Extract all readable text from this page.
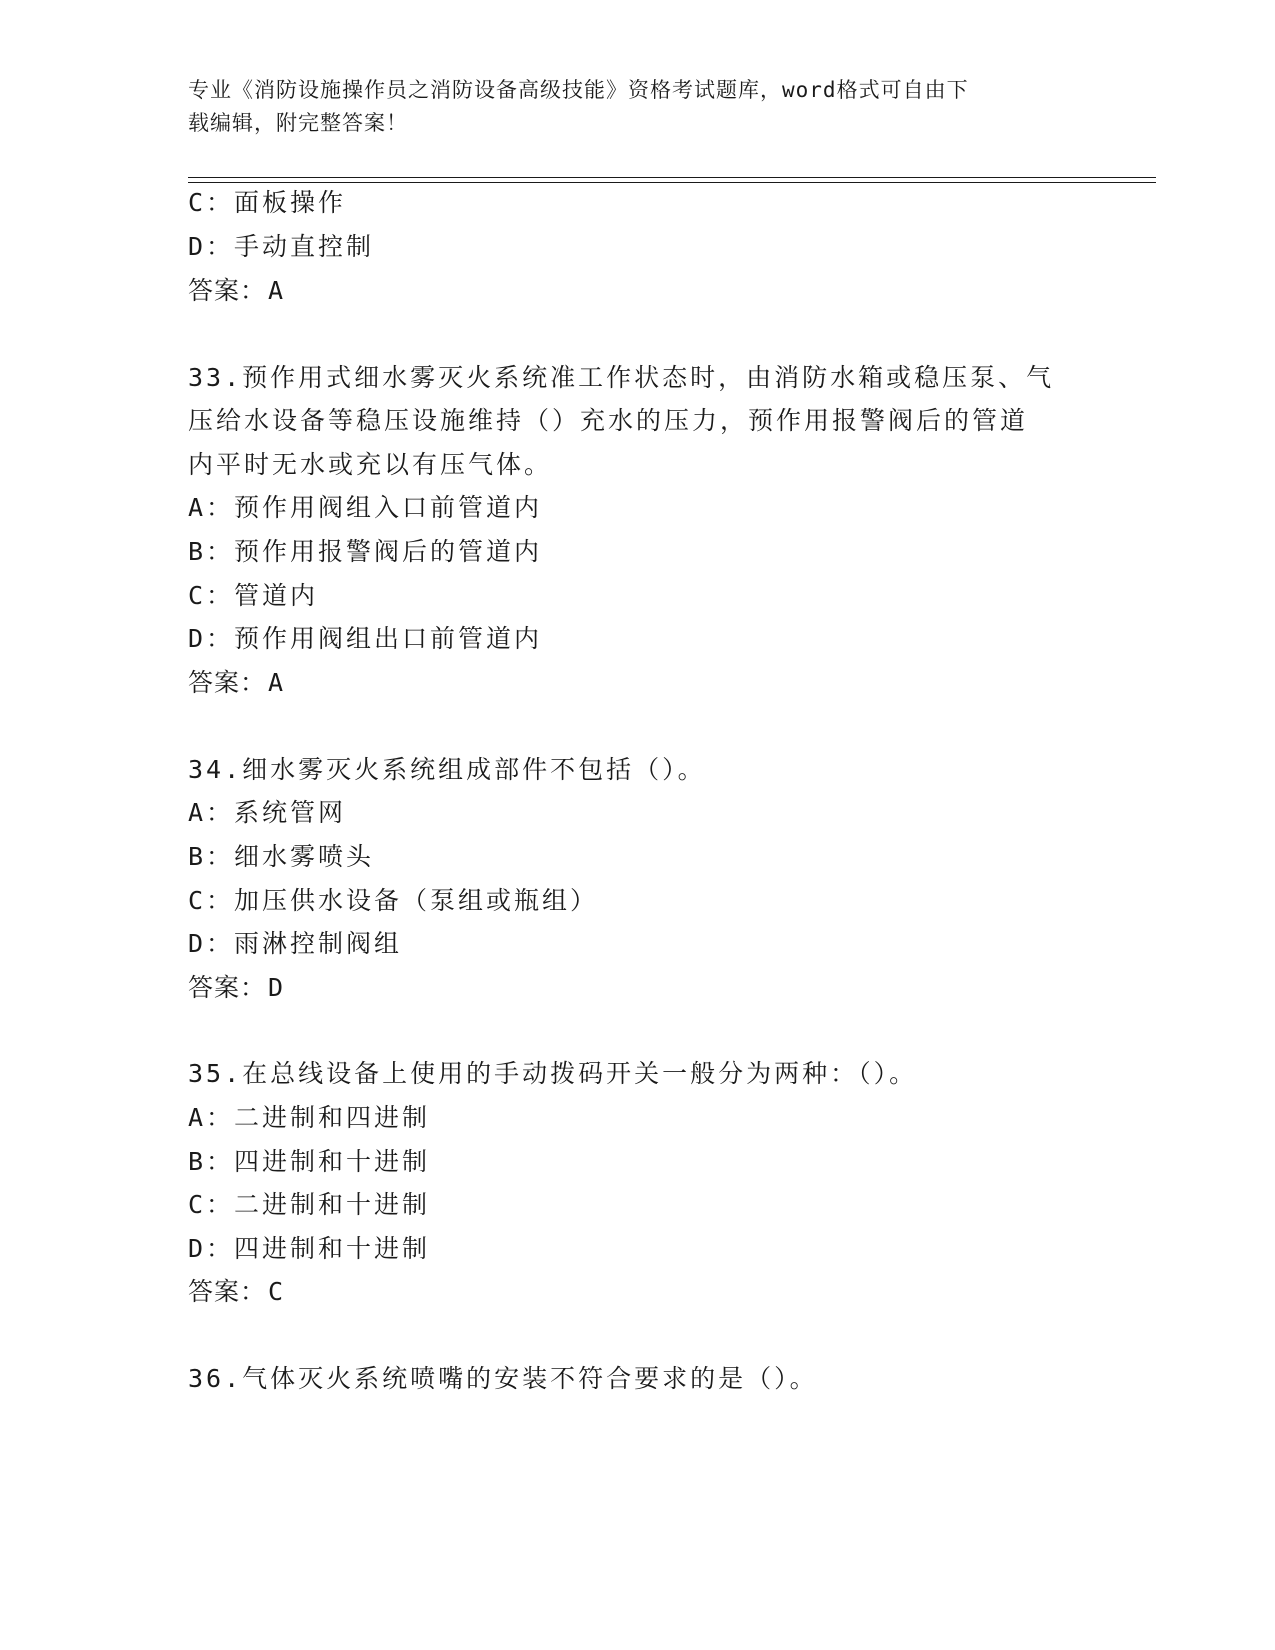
专业《消防设施操作员之消防设备高级技能》资格考试题库，word格式可自由下
载编辑，附完整答案！
C：面板操作
D：手动直控制
答案：A
33.预作用式细水雾灭火系统准工作状态时，由消防水箱或稳压泵、气
压给水设备等稳压设施维持（）充水的压力，预作用报警阀后的管道
内平时无水或充以有压气体。
A：预作用阀组入口前管道内
B：预作用报警阀后的管道内
C：管道内
D：预作用阀组出口前管道内
答案：A
34.细水雾灭火系统组成部件不包括（）。
A：系统管网
B：细水雾喷头
C：加压供水设备（泵组或瓶组）
D：雨淋控制阀组
答案：D
35.在总线设备上使用的手动拨码开关一般分为两种：（）。
A：二进制和四进制
B：四进制和十进制
C：二进制和十进制
D：四进制和十进制
答案：C
36.气体灭火系统喷嘴的安装不符合要求的是（）。
